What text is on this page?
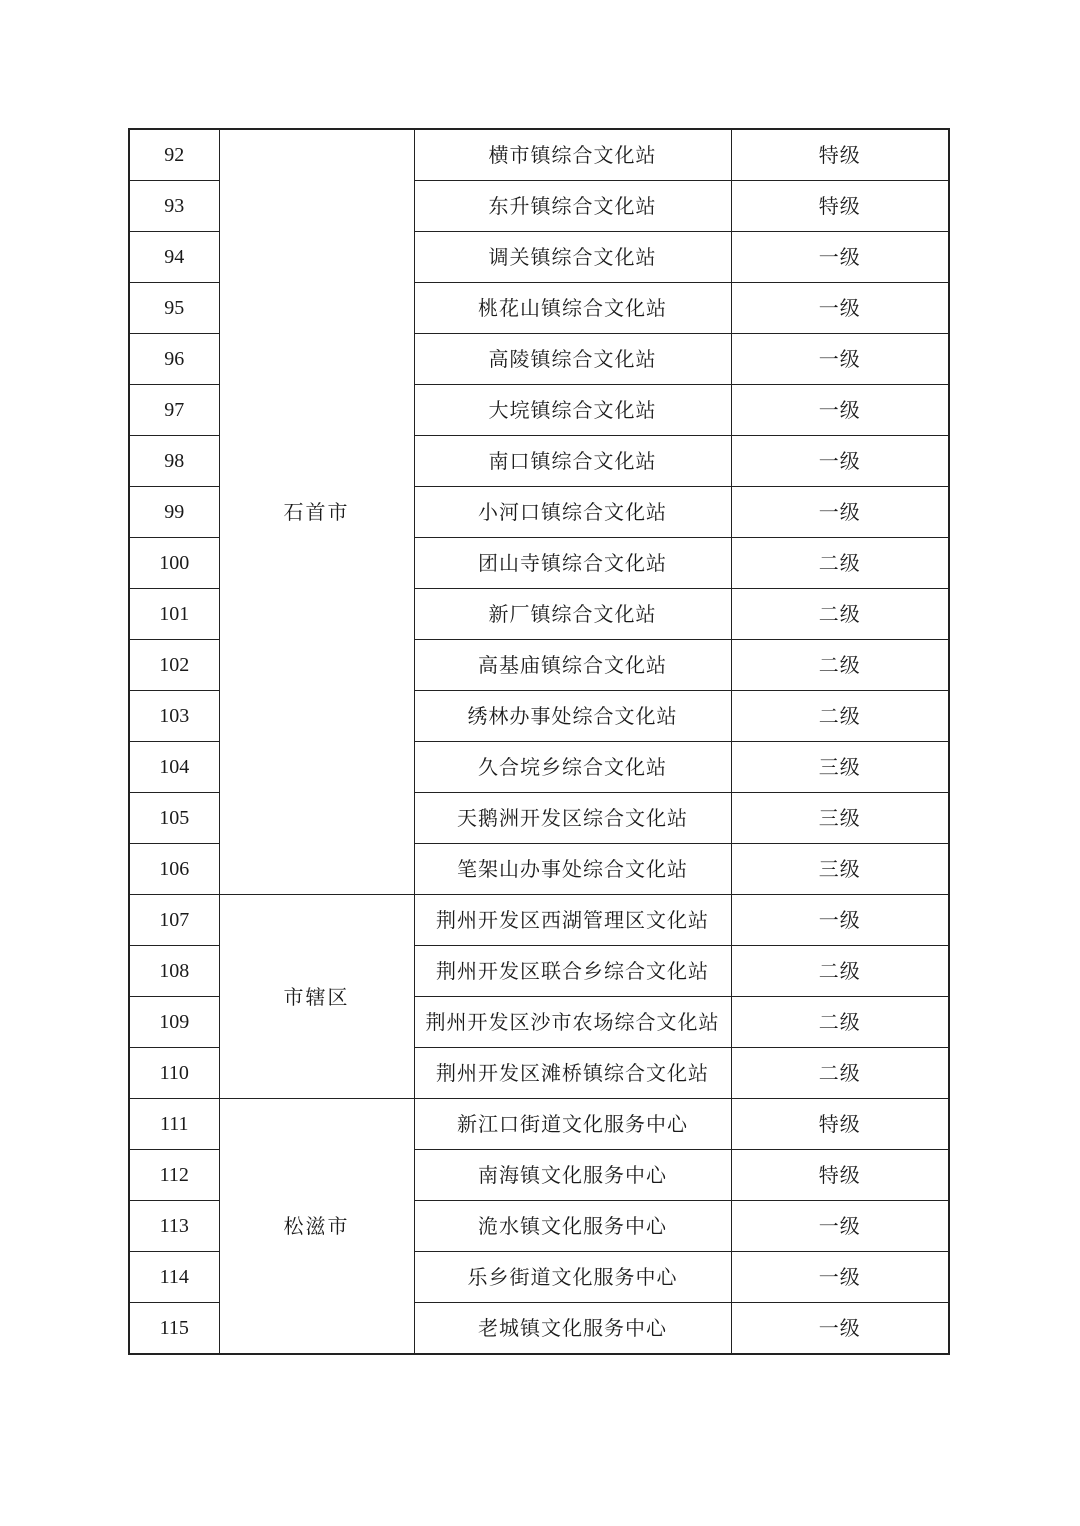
92	石首市	横市镇综合文化站	特级
93		东升镇综合文化站	特级
94		调关镇综合文化站	一级
95		桃花山镇综合文化站	一级
96		高陵镇综合文化站	一级
97		大垸镇综合文化站	一级
98		南口镇综合文化站	一级
99		小河口镇综合文化站	一级
100		团山寺镇综合文化站	二级
101		新厂镇综合文化站	二级
102		高基庙镇综合文化站	二级
103		绣林办事处综合文化站	二级
104		久合垸乡综合文化站	三级
105		天鹅洲开发区综合文化站	三级
106		笔架山办事处综合文化站	三级
107	市辖区	荆州开发区西湖管理区文化站	一级
108		荆州开发区联合乡综合文化站	二级
109		荆州开发区沙市农场综合文化站	二级
110		荆州开发区滩桥镇综合文化站	二级
111	松滋市	新江口街道文化服务中心	特级
112		南海镇文化服务中心	特级
113		洈水镇文化服务中心	一级
114		乐乡街道文化服务中心	一级
115		老城镇文化服务中心	一级
